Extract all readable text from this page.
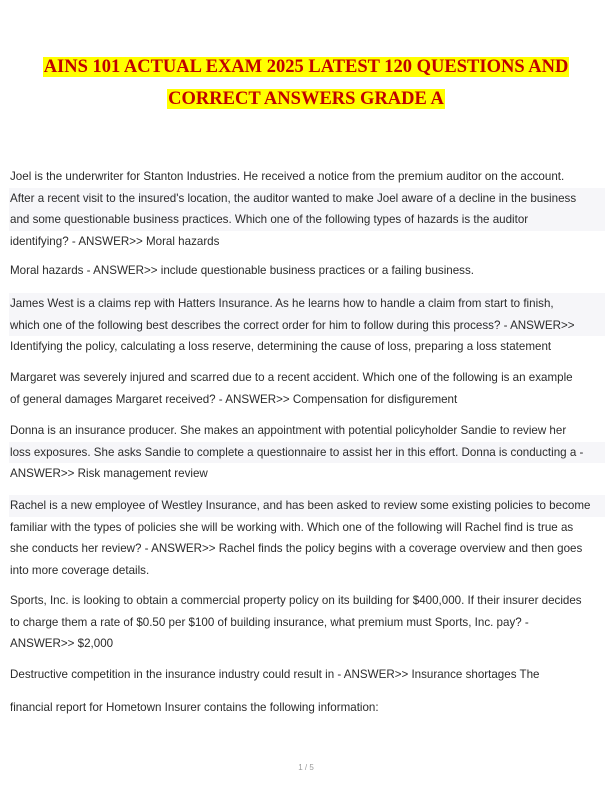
AINS 101 ACTUAL EXAM 2025 LATEST 120 QUESTIONS AND
CORRECT ANSWERS GRADE A
Joel is the underwriter for Stanton Industries. He received a notice from the premium auditor on the account.
After a recent visit to the insured's location, the auditor wanted to make Joel aware of a decline in the business
and some questionable business practices. Which one of the following types of hazards is the auditor
identifying? - ANSWER>> Moral hazards
Moral hazards - ANSWER>> include questionable business practices or a failing business.
James West is a claims rep with Hatters Insurance. As he learns how to handle a claim from start to finish,
which one of the following best describes the correct order for him to follow during this process? - ANSWER>>
Identifying the policy, calculating a loss reserve, determining the cause of loss, preparing a loss statement
Margaret was severely injured and scarred due to a recent accident. Which one of the following is an example
of general damages Margaret received? - ANSWER>> Compensation for disfigurement
Donna is an insurance producer. She makes an appointment with potential policyholder Sandie to review her
loss exposures. She asks Sandie to complete a questionnaire to assist her in this effort. Donna is conducting a -
ANSWER>> Risk management review
Rachel is a new employee of Westley Insurance, and has been asked to review some existing policies to become
familiar with the types of policies she will be working with. Which one of the following will Rachel find is true as
she conducts her review? - ANSWER>> Rachel finds the policy begins with a coverage overview and then goes
into more coverage details.
Sports, Inc. is looking to obtain a commercial property policy on its building for $400,000. If their insurer decides
to charge them a rate of $0.50 per $100 of building insurance, what premium must Sports, Inc. pay? -
ANSWER>> $2,000
Destructive competition in the insurance industry could result in - ANSWER>> Insurance shortages The
financial report for Hometown Insurer contains the following information:
1 / 5
